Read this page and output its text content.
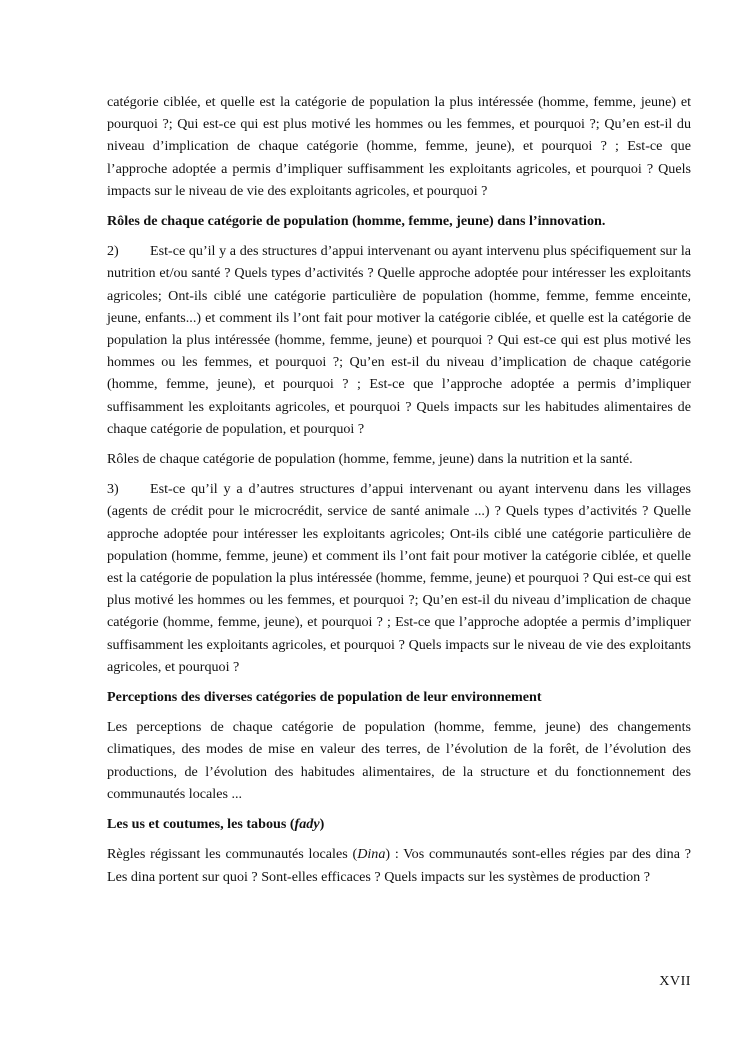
catégorie ciblée, et quelle est la catégorie de population la plus intéressée (homme, femme, jeune) et pourquoi ?; Qui est-ce qui est plus motivé les hommes ou les femmes, et pourquoi ?; Qu’en est-il du niveau d’implication de chaque catégorie (homme, femme, jeune), et pourquoi ? ; Est-ce que l’approche adoptée a permis d’impliquer suffisamment les exploitants agricoles, et pourquoi ? Quels impacts sur le niveau de vie des exploitants agricoles, et pourquoi ?

Rôles de chaque catégorie de population (homme, femme, jeune) dans l’innovation.

2) Est-ce qu’il y a des structures d’appui intervenant ou ayant intervenu plus spécifiquement sur la nutrition et/ou santé ? Quels types d’activités ? Quelle approche adoptée pour intéresser les exploitants agricoles; Ont-ils ciblé une catégorie particulière de population (homme, femme, femme enceinte, jeune, enfants...) et comment ils l’ont fait pour motiver la catégorie ciblée, et quelle est la catégorie de population la plus intéressée (homme, femme, jeune) et pourquoi ? Qui est-ce qui est plus motivé les hommes ou les femmes, et pourquoi ?; Qu’en est-il du niveau d’implication de chaque catégorie (homme, femme, jeune), et pourquoi ? ; Est-ce que l’approche adoptée a permis d’impliquer suffisamment les exploitants agricoles, et pourquoi ? Quels impacts sur les habitudes alimentaires de chaque catégorie de population, et pourquoi ?

Rôles de chaque catégorie de population (homme, femme, jeune) dans la nutrition et la santé.

3) Est-ce qu’il y a d’autres structures d’appui intervenant ou ayant intervenu dans les villages (agents de crédit pour le microcrédit, service de santé animale ...) ? Quels types d’activités ? Quelle approche adoptée pour intéresser les exploitants agricoles; Ont-ils ciblé une catégorie particulière de population (homme, femme, jeune) et comment ils l’ont fait pour motiver la catégorie ciblée, et quelle est la catégorie de population la plus intéressée (homme, femme, jeune) et pourquoi ? Qui est-ce qui est plus motivé les hommes ou les femmes, et pourquoi ?; Qu’en est-il du niveau d’implication de chaque catégorie (homme, femme, jeune), et pourquoi ? ; Est-ce que l’approche adoptée a permis d’impliquer suffisamment les exploitants agricoles, et pourquoi ? Quels impacts sur le niveau de vie des exploitants agricoles, et pourquoi ?

Perceptions des diverses catégories de population de leur environnement

Les perceptions de chaque catégorie de population (homme, femme, jeune) des changements climatiques, des modes de mise en valeur des terres, de l’évolution de la forêt, de l’évolution des productions, de l’évolution des habitudes alimentaires, de la structure et du fonctionnement des communautés locales ...

Les us et coutumes, les tabous (fady)

Règles régissant les communautés locales (Dina) : Vos communautés sont-elles régies par des dina ? Les dina portent sur quoi ? Sont-elles efficaces ? Quels impacts sur les systèmes de production ?

XVII
